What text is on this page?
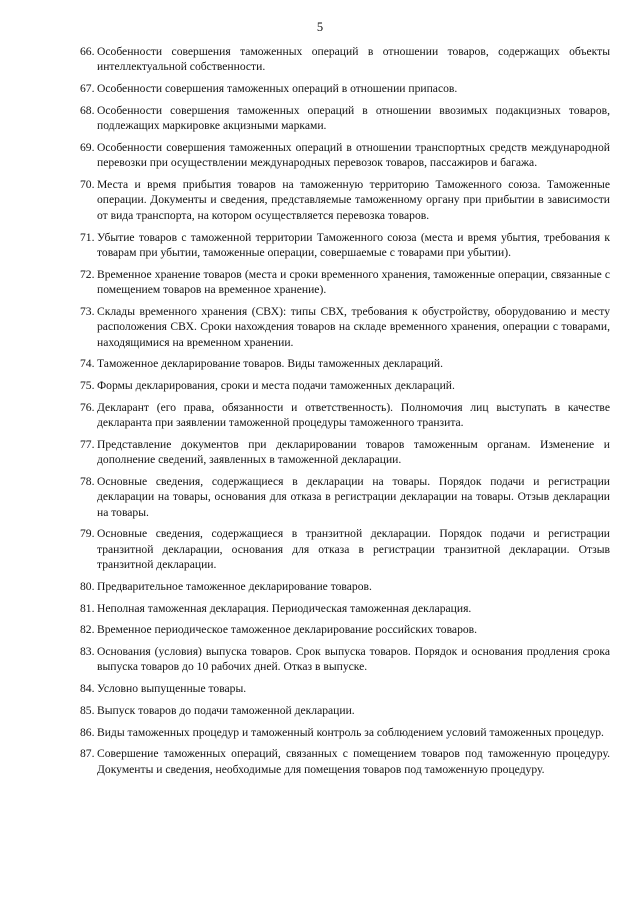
5
66. Особенности совершения таможенных операций в отношении товаров, содержащих объекты интеллектуальной собственности.
67. Особенности совершения таможенных операций в отношении припасов.
68. Особенности совершения таможенных операций в отношении ввозимых подакцизных товаров, подлежащих маркировке акцизными марками.
69. Особенности совершения таможенных операций в отношении транспортных средств международной перевозки при осуществлении международных перевозок товаров, пассажиров и багажа.
70. Места и время прибытия товаров на таможенную территорию Таможенного союза. Таможенные операции. Документы и сведения, представляемые таможенному органу при прибытии в зависимости от вида транспорта, на котором осуществляется перевозка товаров.
71. Убытие товаров с таможенной территории Таможенного союза (места и время убытия, требования к товарам при убытии, таможенные операции, совершаемые с товарами при убытии).
72. Временное хранение товаров (места и сроки временного хранения, таможенные операции, связанные с помещением товаров на временное хранение).
73. Склады временного хранения (СВХ): типы СВХ, требования к обустройству, оборудованию и месту расположения СВХ. Сроки нахождения товаров на складе временного хранения, операции с товарами, находящимися на временном хранении.
74. Таможенное декларирование товаров. Виды таможенных деклараций.
75. Формы декларирования, сроки и места подачи таможенных деклараций.
76. Декларант (его права, обязанности и ответственность). Полномочия лиц выступать в качестве декларанта при заявлении таможенной процедуры таможенного транзита.
77. Представление документов при декларировании товаров таможенным органам. Изменение и дополнение сведений, заявленных в таможенной декларации.
78. Основные сведения, содержащиеся в декларации на товары. Порядок подачи и регистрации декларации на товары, основания для отказа в регистрации декларации на товары. Отзыв декларации на товары.
79. Основные сведения, содержащиеся в транзитной декларации. Порядок подачи и регистрации транзитной декларации, основания для отказа в регистрации транзитной декларации. Отзыв транзитной декларации.
80. Предварительное таможенное декларирование товаров.
81. Неполная таможенная декларация. Периодическая таможенная декларация.
82. Временное периодическое таможенное декларирование российских товаров.
83. Основания (условия) выпуска товаров. Срок выпуска товаров. Порядок и основания продления срока выпуска товаров до 10 рабочих дней. Отказ в выпуске.
84. Условно выпущенные товары.
85. Выпуск товаров до подачи таможенной декларации.
86. Виды таможенных процедур и таможенный контроль за соблюдением условий таможенных процедур.
87. Совершение таможенных операций, связанных с помещением товаров под таможенную процедуру. Документы и сведения, необходимые для помещения товаров под таможенную процедуру.
